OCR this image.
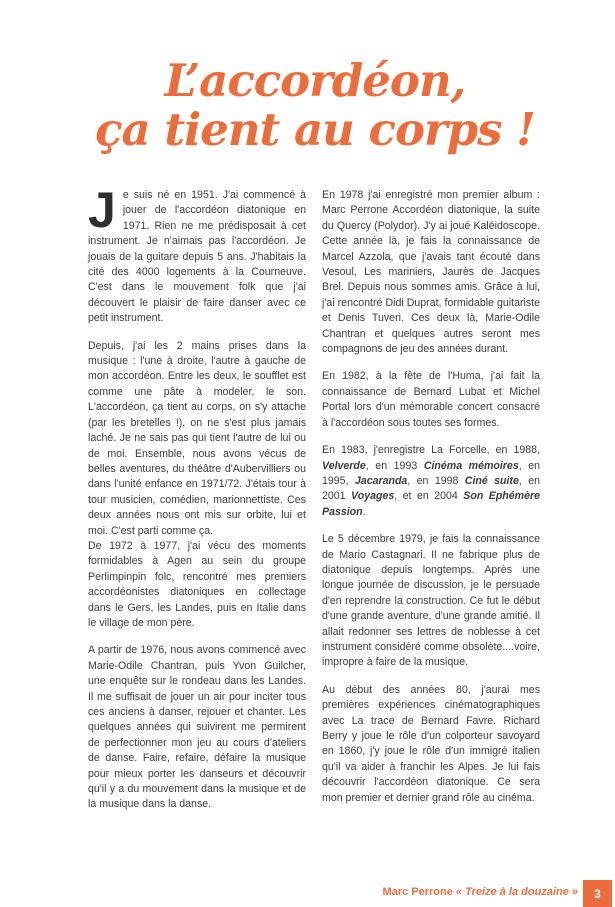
L’accordéon,
ça tient au corps !

Je suis né en 1951. J'ai commencé à jouer de l'accordéon diatonique en 1971. Rien ne me prédisposait à cet instrument. Je n'aimais pas l'accordéon. Je jouais de la guitare depuis 5 ans. J'habitais la cité des 4000 logements à la Courneuve. C'est dans le mouvement folk que j'ai découvert le plaisir de faire danser avec ce petit instrument.

Depuis, j'ai les 2 mains prises dans la musique : l'une à droite, l'autre à gauche de mon accordéon. Entre les deux, le soufflet est comme une pâte à modeler, le son. L'accordéon, ça tient au corps, on s'y attache (par les bretelles !), on ne s'est plus jamais laché. Je ne sais pas qui tient l'autre de lui ou de moi. Ensemble, nous avons vécus de belles aventures, du théâtre d'Aubervilliers ou dans l'unité enfance en 1971/72. J'étais tour à tour musicien, comédien, marionnettiste. Ces deux années nous ont mis sur orbite, lui et moi. C'est parti comme ça.

De 1972 à 1977, j'ai vécu des moments formidables à Agen au sein du groupe Perlimpinpin folc, rencontré mes premiers accordéonistes diatoniques en collectage dans le Gers, les Landes, puis en Italie dans le village de mon père.

A partir de 1976, nous avons commencé avec Marie-Odile Chantran, puis Yvon Guilcher, une enquête sur le rondeau dans les Landes. Il me suffisait de jouer un air pour inciter tous ces anciens à danser, rejouer et chanter. Les quelques années qui suivirent me permirent de perfectionner mon jeu au cours d'ateliers de danse. Faire, refaire, défaire la musique pour mieux porter les danseurs et découvrir qu'il y a du mouvement dans la musique et de la musique dans la danse.

En 1978 j'ai enregistré mon premier album : Marc Perrone Accordéon diatonique, la suite du Quercy (Polydor). J'y ai joué Kaléidoscope. Cette année là, je fais la connaissance de Marcel Azzola, que j'avais tant écouté dans Vesoul, Les mariniers, Jaurès de Jacques Brel. Depuis nous sommes amis. Grâce à lui, j'ai rencontré Didi Duprat, formidable guitariste et Denis Tuveri. Ces deux là, Marie-Odile Chantran et quelques autres seront mes compagnons de jeu des années durant.

En 1982, à la fête de l'Huma, j'ai fait la connaissance de Bernard Lubat et Michel Portal lors d'un mémorable concert consacré à l'accordéon sous toutes ses formes.

En 1983, j'enregistre La Forcelle, en 1988, Velverde, en 1993 Cinéma mémoires, en 1995, Jacaranda, en 1998 Ciné suite, en 2001 Voyages, et en 2004 Son Ephémère Passion.

Le 5 décembre 1979, je fais la connaissance de Mario Castagnari. Il ne fabrique plus de diatonique depuis longtemps. Après une longue journée de discussion, je le persuade d'en reprendre la construction. Ce fut le début d'une grande aventure, d'une grande amitié. Il allait redonner ses lettres de noblesse à cet instrument considéré comme obsolète....voire, impropre à faire de la musique.

Au début des années 80, j'aurai mes premières expériences cinématographiques avec La trace de Bernard Favre. Richard Berry y joue le rôle d'un colporteur savoyard en 1860, j'y joue le rôle d'un immigré italien qu'il va aider à franchir les Alpes. Je lui fais découvrir l'accordéon diatonique. Ce sera mon premier et dernier grand rôle au cinéma.

Marc Perrone « Treize à la douzaine » 3
